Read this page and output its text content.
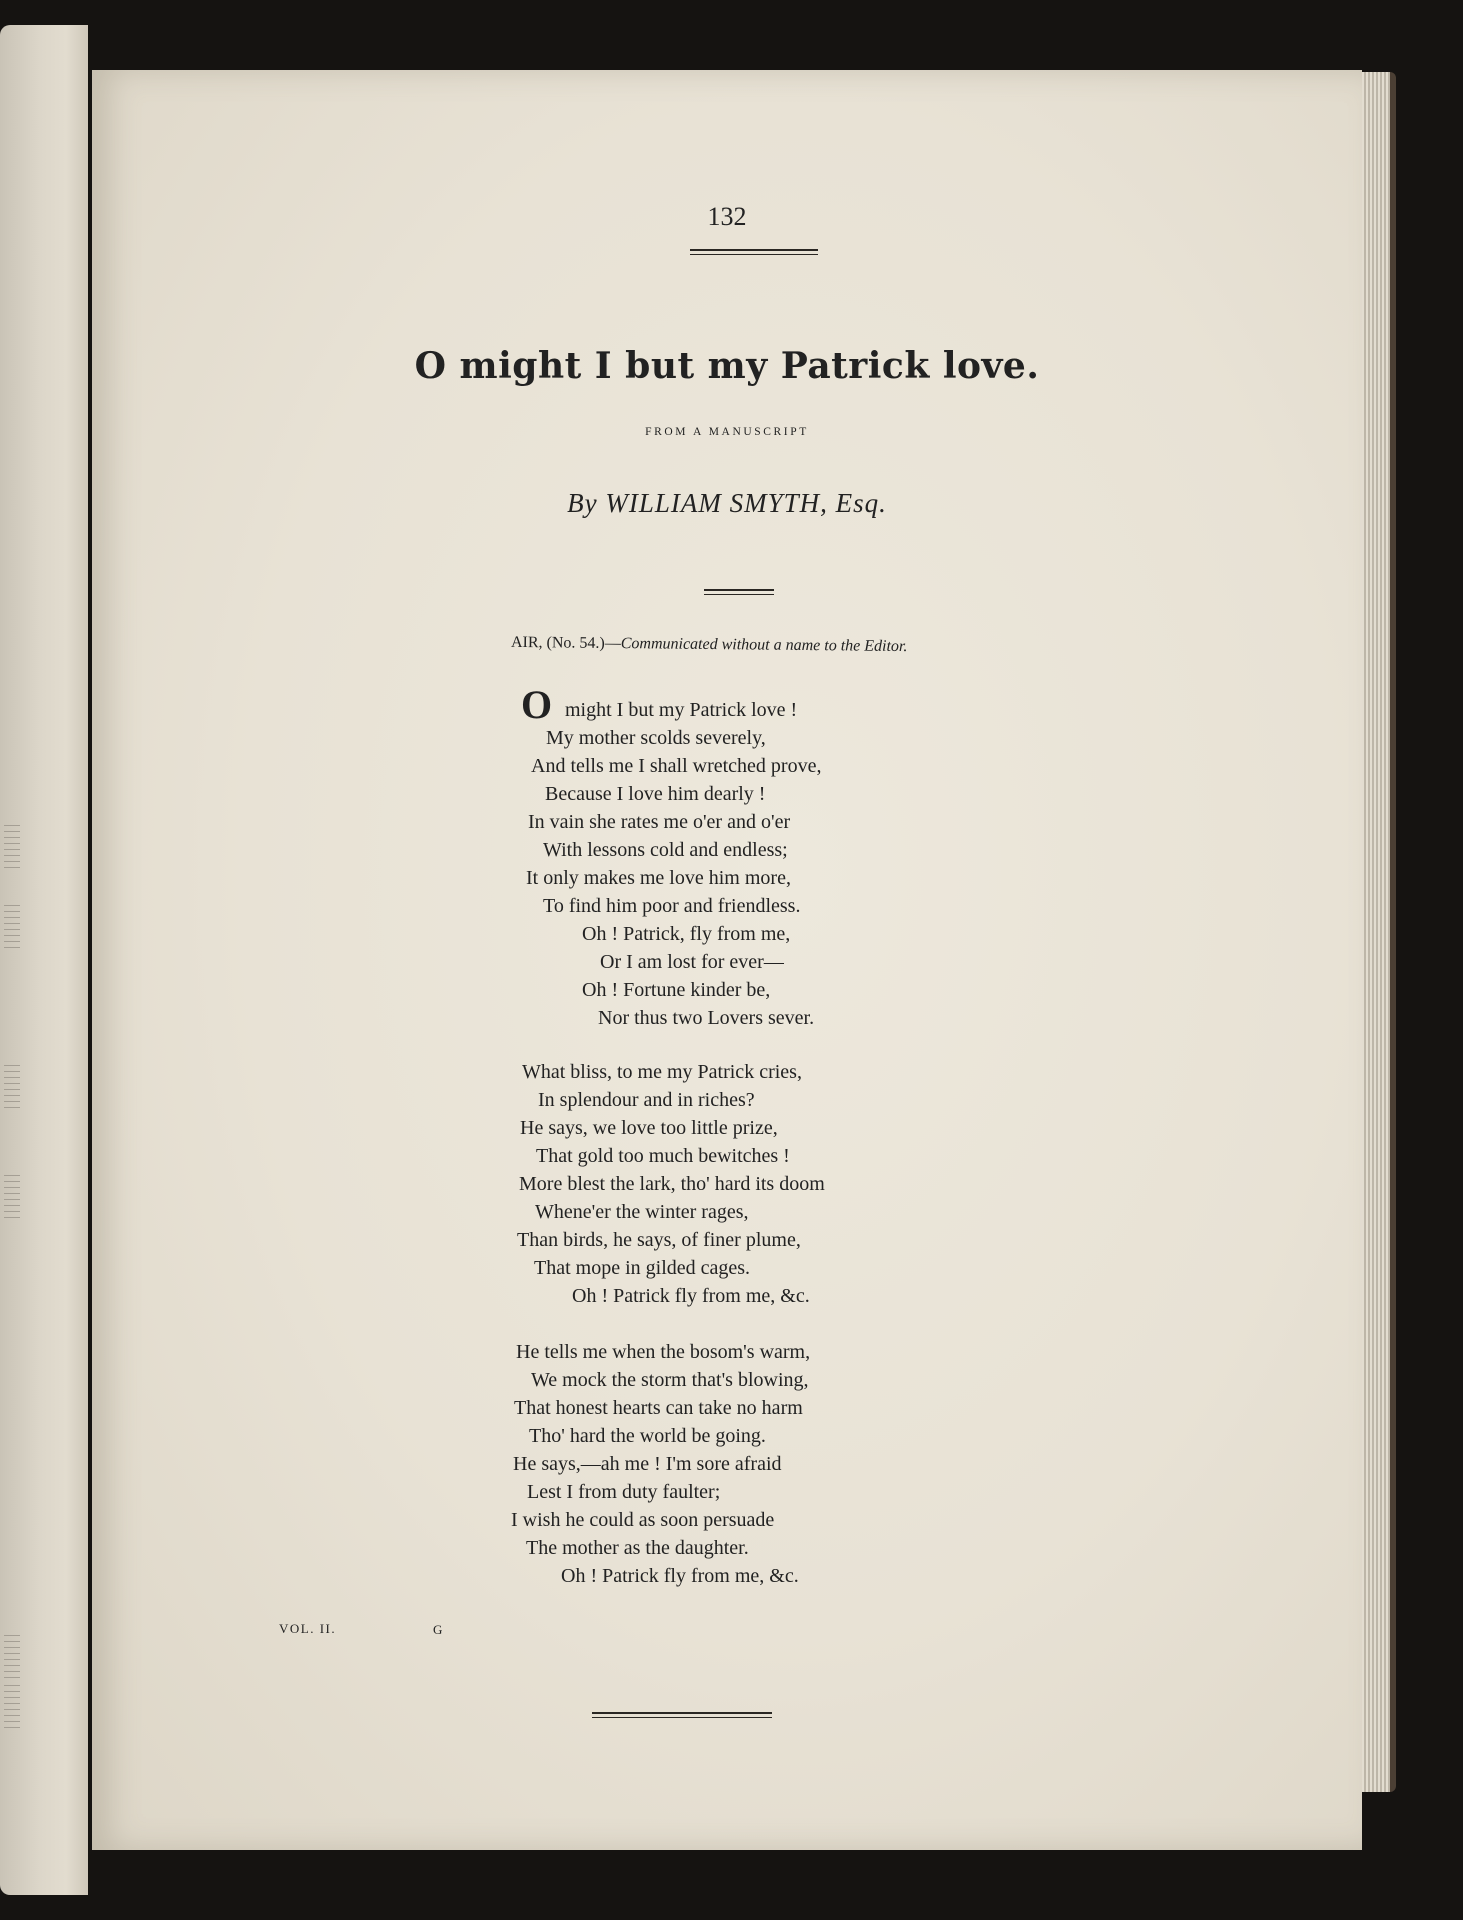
132
O might I but my Patrick love.
FROM A MANUSCRIPT
By WILLIAM SMYTH, Esq.
AIR, (No. 54.)—Communicated without a name to the Editor.
O might I but my Patrick love !
My mother scolds severely,
And tells me I shall wretched prove,
Because I love him dearly !
In vain she rates me o'er and o'er
With lessons cold and endless;
It only makes me love him more,
To find him poor and friendless.
Oh ! Patrick, fly from me,
Or I am lost for ever—
Oh ! Fortune kinder be,
Nor thus two Lovers sever.
What bliss, to me my Patrick cries,
In splendour and in riches?
He says, we love too little prize,
That gold too much bewitches !
More blest the lark, tho' hard its doom
Whene'er the winter rages,
Than birds, he says, of finer plume,
That mope in gilded cages.
Oh ! Patrick fly from me, &c.
He tells me when the bosom's warm,
We mock the storm that's blowing,
That honest hearts can take no harm
Tho' hard the world be going.
He says,—ah me ! I'm sore afraid
Lest I from duty faulter;
I wish he could as soon persuade
The mother as the daughter.
Oh ! Patrick fly from me, &c.
VOL. II.	G
